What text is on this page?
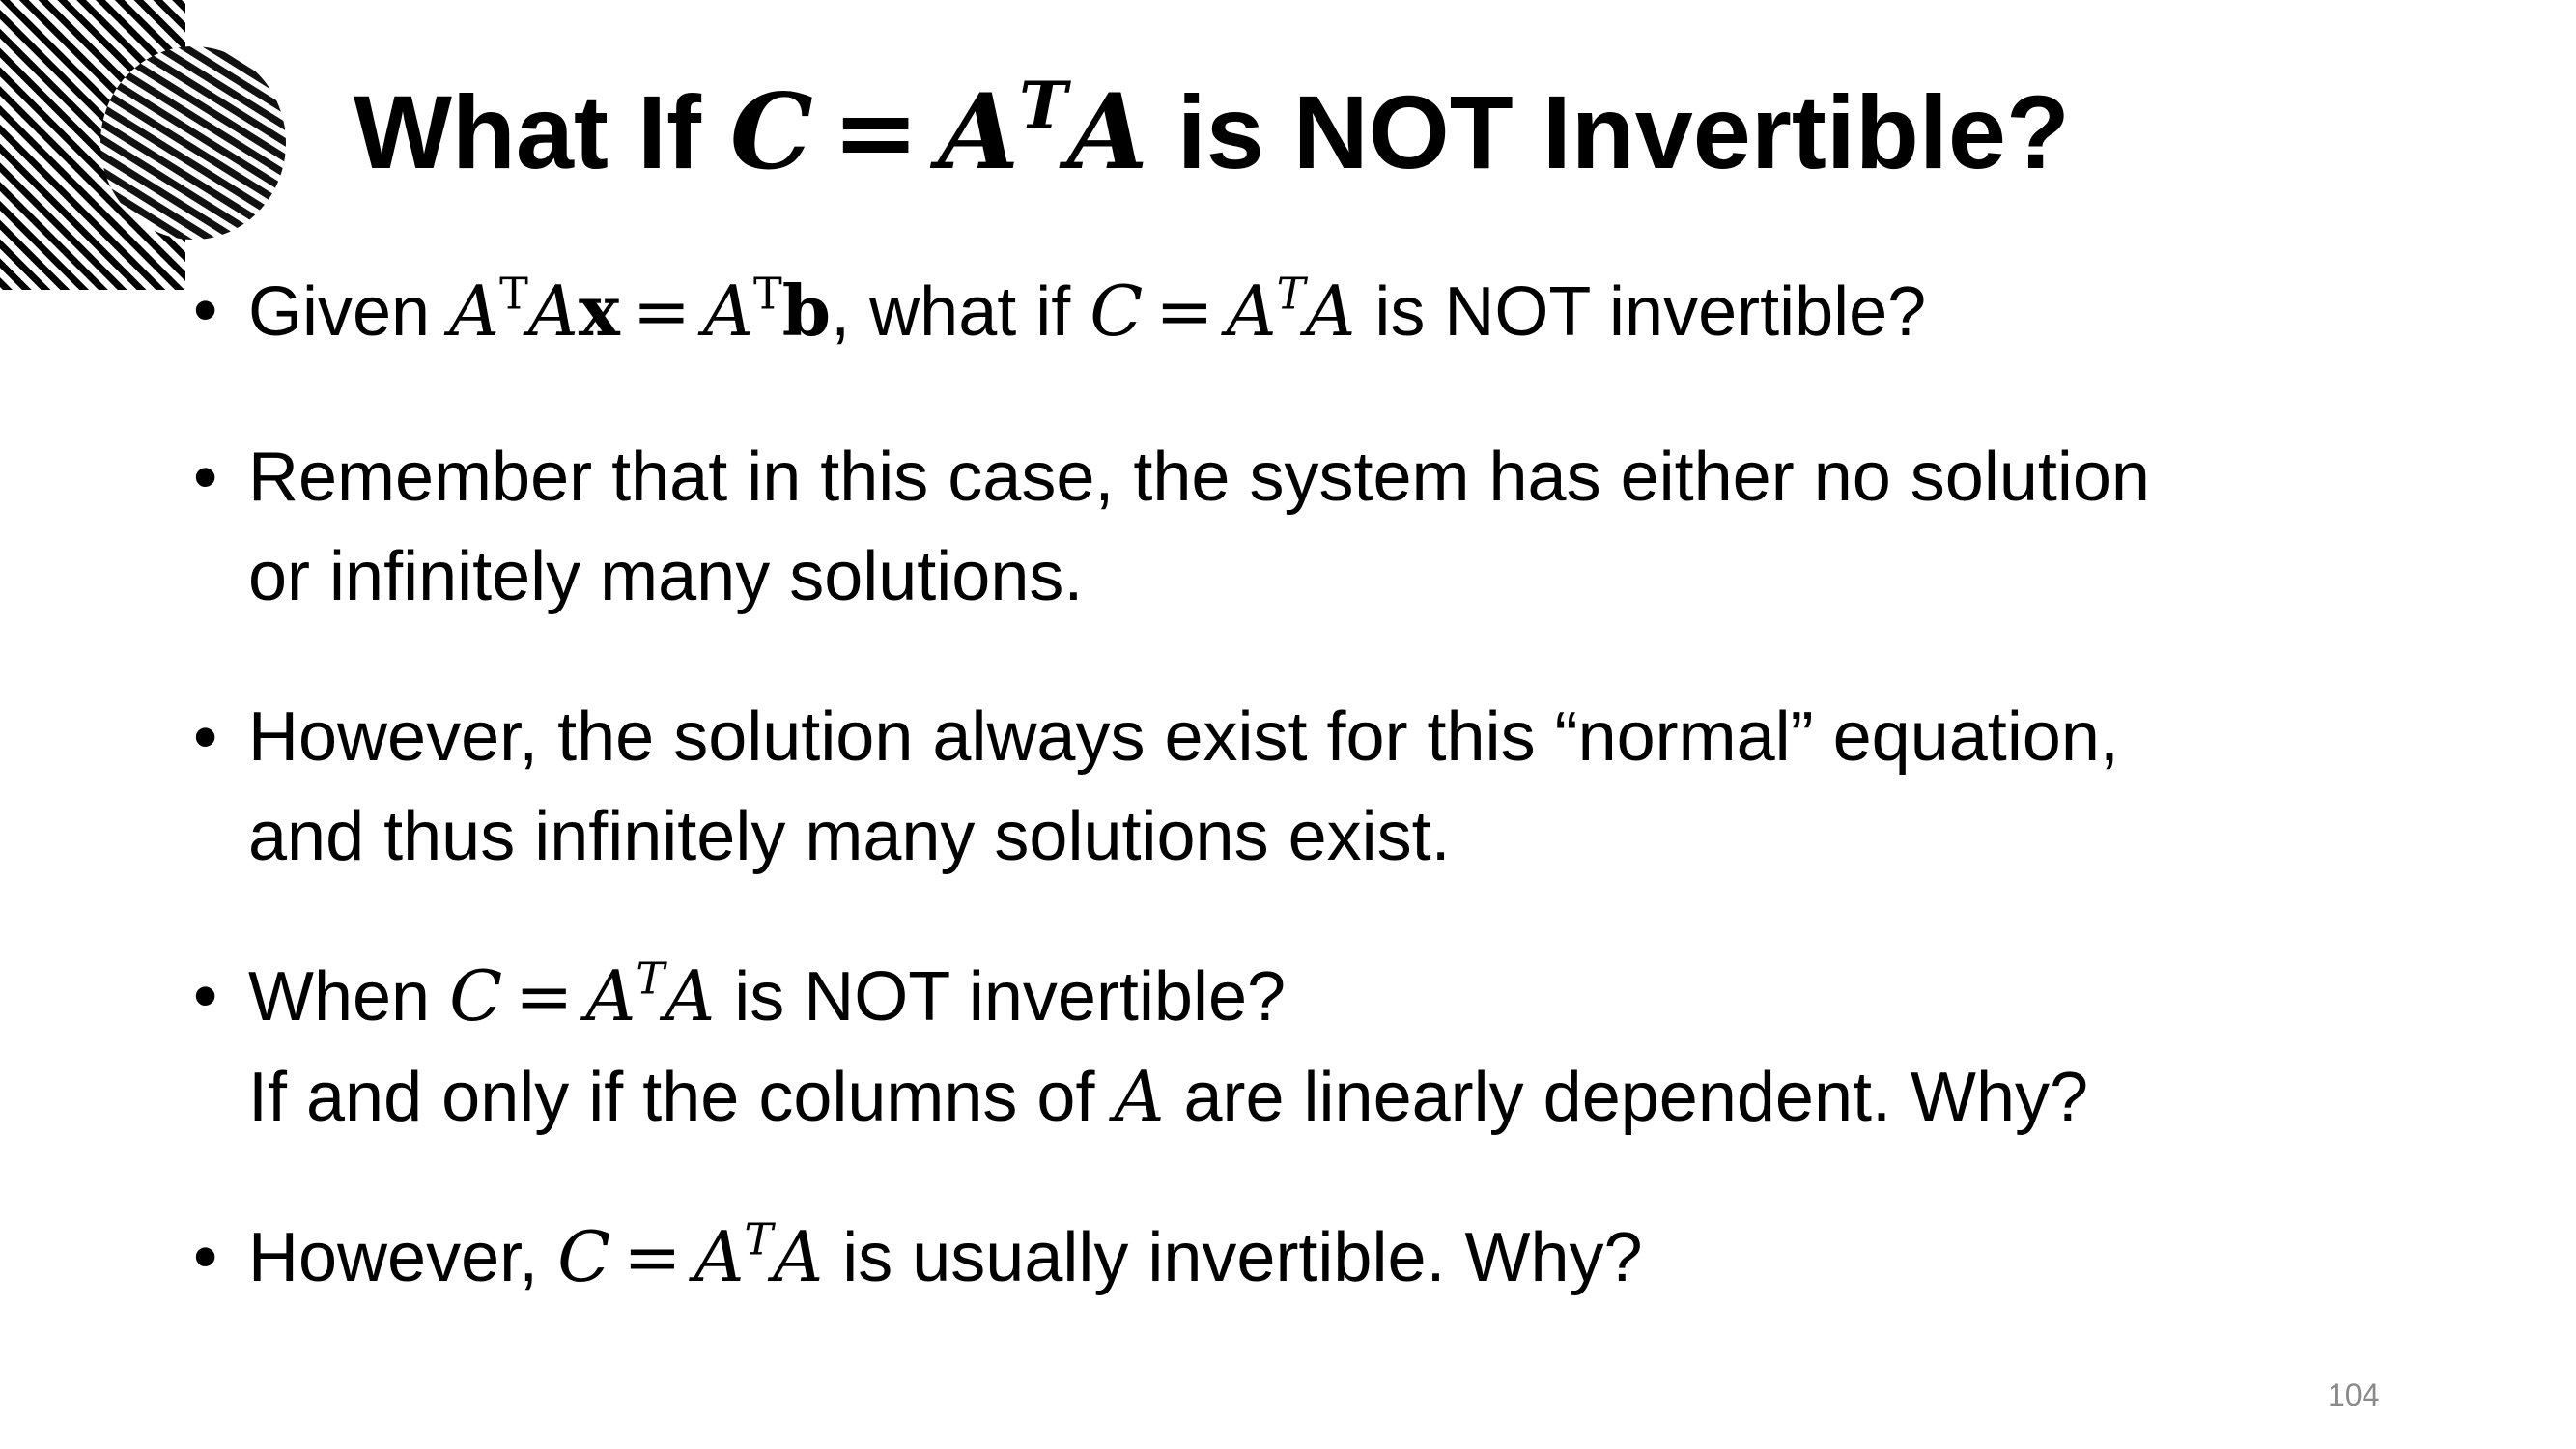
What If $C = A^TA$ is NOT Invertible?
• Given $A^TAx = A^Tb$, what if $C = A^TA$ is NOT invertible?
• Remember that in this case, the system has either no solution
or infinitely many solutions.
• However, the solution always exist for this “normal” equation,
and thus infinitely many solutions exist.
• When $C = A^TA$ is NOT invertible?
If and only if the columns of A are linearly dependent. Why?
• However, $C = A^TA$ is usually invertible. Why?
104
